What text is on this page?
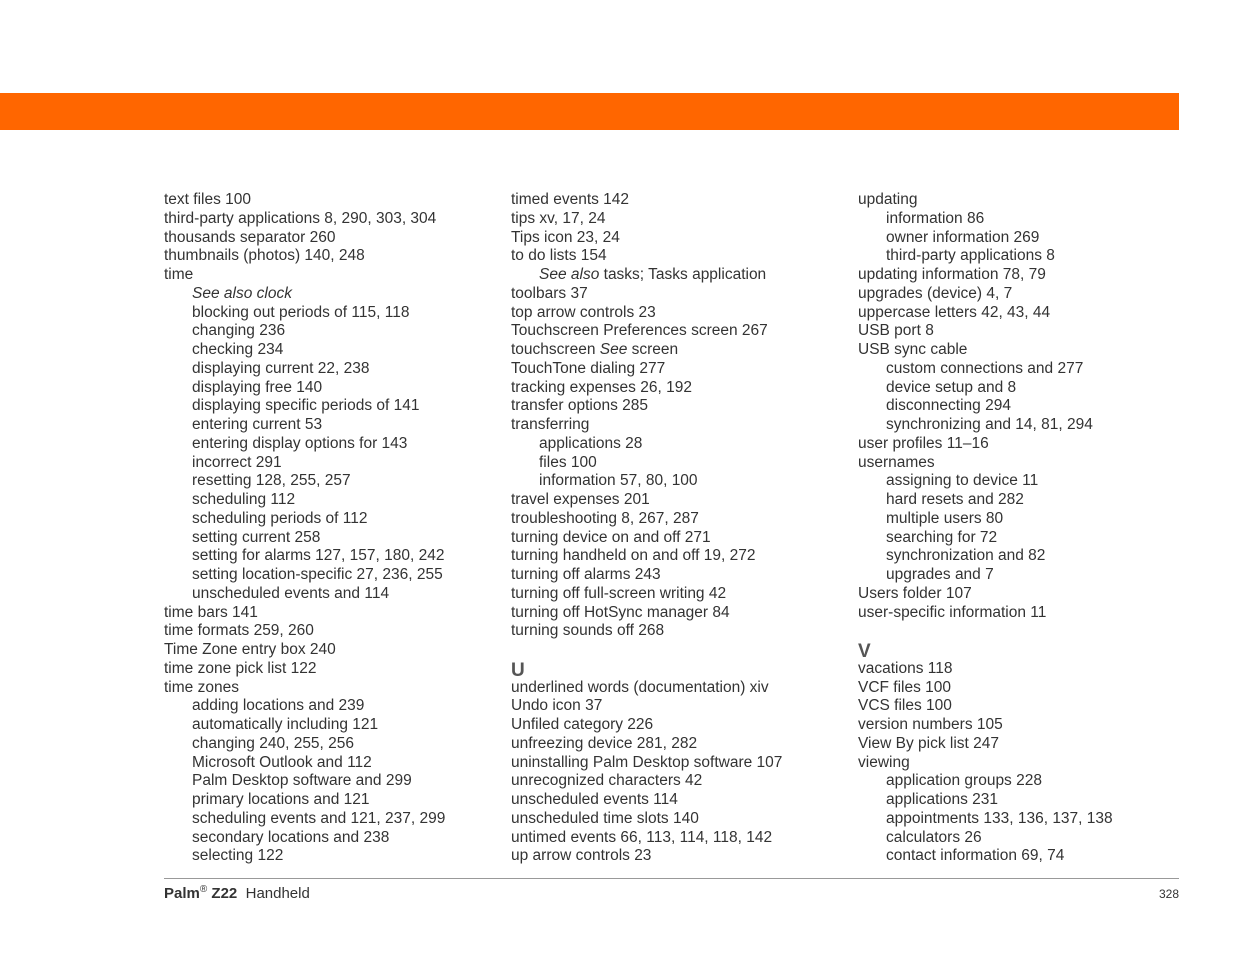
text files 100
third-party applications 8, 290, 303, 304
thousands separator 260
thumbnails (photos) 140, 248
time
See also clock
blocking out periods of 115, 118
changing 236
checking 234
displaying current 22, 238
displaying free 140
displaying specific periods of 141
entering current 53
entering display options for 143
incorrect 291
resetting 128, 255, 257
scheduling 112
scheduling periods of 112
setting current 258
setting for alarms 127, 157, 180, 242
setting location-specific 27, 236, 255
unscheduled events and 114
time bars 141
time formats 259, 260
Time Zone entry box 240
time zone pick list 122
time zones
adding locations and 239
automatically including 121
changing 240, 255, 256
Microsoft Outlook and 112
Palm Desktop software and 299
primary locations and 121
scheduling events and 121, 237, 299
secondary locations and 238
selecting 122
timed events 142
tips xv, 17, 24
Tips icon 23, 24
to do lists 154
See also tasks; Tasks application
toolbars 37
top arrow controls 23
Touchscreen Preferences screen 267
touchscreen See screen
TouchTone dialing 277
tracking expenses 26, 192
transfer options 285
transferring
applications 28
files 100
information 57, 80, 100
travel expenses 201
troubleshooting 8, 267, 287
turning device on and off 271
turning handheld on and off 19, 272
turning off alarms 243
turning off full-screen writing 42
turning off HotSync manager 84
turning sounds off 268
U
underlined words (documentation) xiv
Undo icon 37
Unfiled category 226
unfreezing device 281, 282
uninstalling Palm Desktop software 107
unrecognized characters 42
unscheduled events 114
unscheduled time slots 140
untimed events 66, 113, 114, 118, 142
up arrow controls 23
updating
information 86
owner information 269
third-party applications 8
updating information 78, 79
upgrades (device) 4, 7
uppercase letters 42, 43, 44
USB port 8
USB sync cable
custom connections and 277
device setup and 8
disconnecting 294
synchronizing and 14, 81, 294
user profiles 11–16
usernames
assigning to device 11
hard resets and 282
multiple users 80
searching for 72
synchronization and 82
upgrades and 7
Users folder 107
user-specific information 11
V
vacations 118
VCF files 100
VCS files 100
version numbers 105
View By pick list 247
viewing
application groups 228
applications 231
appointments 133, 136, 137, 138
calculators 26
contact information 69, 74
Palm® Z22 Handheld	328
